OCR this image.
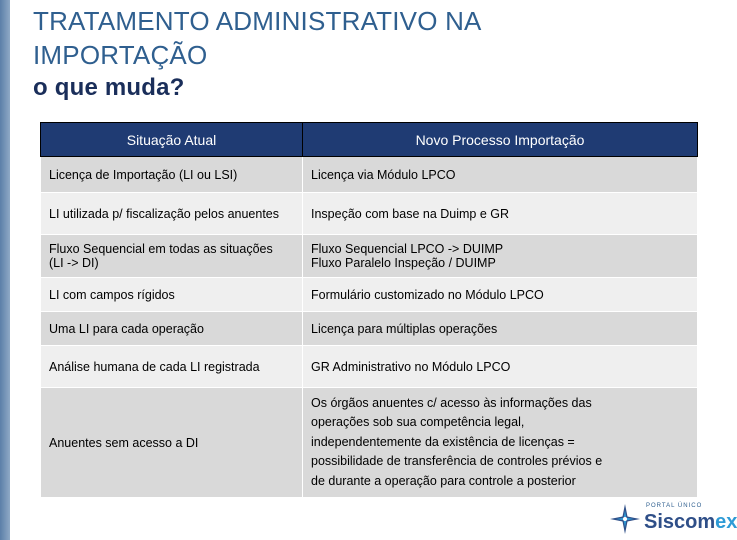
TRATAMENTO ADMINISTRATIVO NA
IMPORTAÇÃO
o que muda?
Situação Atual	Novo Processo Importação

Licença de Importação (LI ou LSI)	Licença via Módulo LPCO

LI utilizada p/ fiscalização pelos anuentes	Inspeção com base na Duimp e GR

Fluxo Sequencial em todas as situações
(LI -> DI)	Fluxo Sequencial LPCO -> DUIMP
Fluxo Paralelo Inspeção / DUIMP

LI com campos rígidos	Formulário customizado no Módulo LPCO

Uma LI para cada operação	Licença para múltiplas operações

Análise humana de cada LI registrada	GR Administrativo no Módulo LPCO

Anuentes sem acesso a DI	Os órgãos anuentes c/ acesso às informações das
operações sob sua competência legal,
independentemente da existência de licenças =
possibilidade de transferência de controles prévios e
de durante a operação para controle a posterior
PORTAL ÚNICO
Siscomex
